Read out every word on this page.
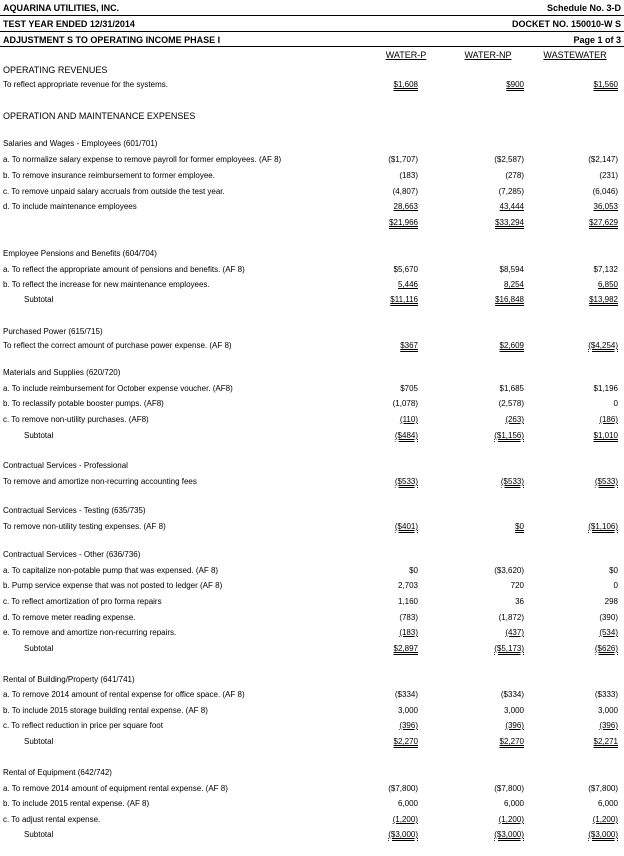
AQUARINA UTILITIES, INC.
TEST YEAR ENDED 12/31/2014
ADJUSTMENT S TO OPERATING INCOME PHASE I
Schedule No. 3-D
DOCKET NO. 150010-W S
Page 1 of 3
WATER-P	WATER-NP	WASTEWATER
OPERATING REVENUES
To reflect appropriate revenue for the systems.	$1,608	$900	$1,560
OPERATION AND MAINTENANCE EXPENSES
Salaries and Wages - Employees (601/701)
a. To normalize salary expense to remove payroll for former employees. (AF 8)	($1,707)	($2,587)	($2,147)
b. To remove insurance reimbursement to former employee.	(183)	(278)	(231)
c. To remove unpaid salary accruals from outside the test year.	(4,807)	(7,285)	(6,046)
d. To include maintenance employees	28,663	43,444	36,053
$21,966	$33,294	$27,629
Employee Pensions and Benefits (604/704)
a. To reflect the appropriate amount of pensions and benefits. (AF 8)	$5,670	$8,594	$7,132
b. To reflect the increase for new maintenance employees.	5,446	8,254	6,850
Subtotal	$11,116	$16,848	$13,982
Purchased Power (615/715)
To reflect the correct amount of purchase power expense. (AF 8)	$367	$2,609	($4,254)
Materials and Supplies (620/720)
a. To include reimbursement for October expense voucher. (AF8)	$705	$1,685	$1,196
b. To reclassify potable booster pumps. (AF8)	(1,078)	(2,578)	0
c. To remove non-utility purchases. (AF8)	(110)	(263)	(186)
Subtotal	($484)	($1,156)	$1,010
Contractual Services - Professional
To remove and amortize non-recurring accounting fees	($533)	($533)	($533)
Contractual Services - Testing (635/735)
To remove non-utility testing expenses. (AF 8)	($401)	$0	($1,106)
Contractual Services - Other (636/736)
a. To capitalize non-potable pump that was expensed. (AF 8)	$0	($3,620)	$0
b. Pump service expense that was not posted to ledger (AF 8)	2,703	720	0
c. To reflect amortization of pro forma repairs	1,160	36	298
d. To remove meter reading expense.	(783)	(1,872)	(390)
e. To remove and amortize non-recurring repairs.	(183)	(437)	(534)
Subtotal	$2,897	($5,173)	($626)
Rental of Building/Property (641/741)
a. To remove 2014 amount of rental expense for office space. (AF 8)	($334)	($334)	($333)
b. To include 2015 storage building rental expense. (AF 8)	3,000	3,000	3,000
c. To reflect reduction in price per square foot	(396)	(396)	(396)
Subtotal	$2,270	$2,270	$2,271
Rental of Equipment (642/742)
a. To remove 2014 amount of equipment rental expense. (AF 8)	($7,800)	($7,800)	($7,800)
b. To include 2015 rental expense. (AF 8)	6,000	6,000	6,000
c. To adjust rental expense.	(1,200)	(1,200)	(1,200)
Subtotal	($3,000)	($3,000)	($3,000)
